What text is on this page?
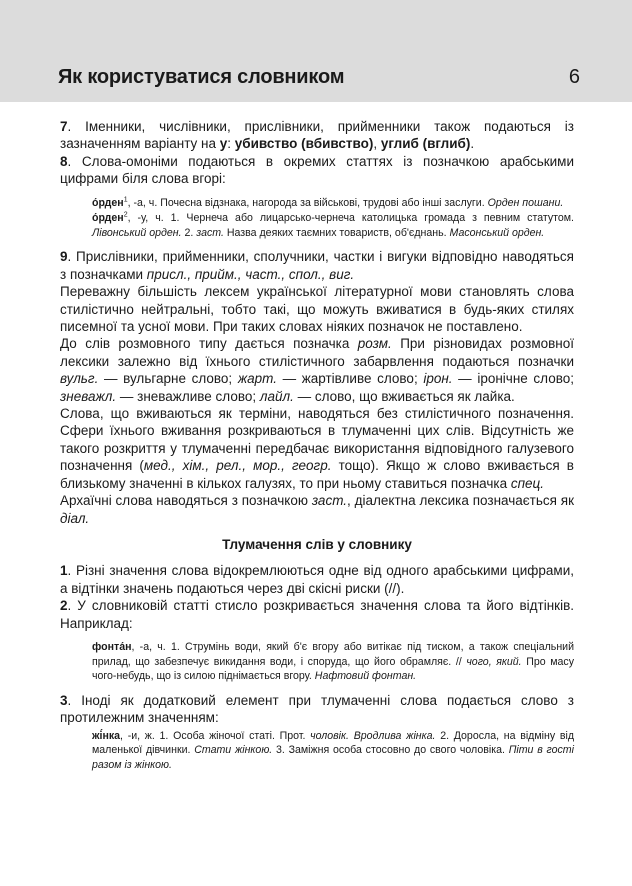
Як користуватися словником	6

7. Іменники, числівники, прислівники, прийменники також подаються із зазначенням варіанту на у: убивство (вбивство), углиб (вглиб).

8. Слова-омоніми подаються в окремих статтях із позначкою арабськими цифрами біля слова вгорі:

о́рден$^1$, -а, ч. Почесна відзнака, нагорода за військові, трудові або інші заслуги. Орден пошани.

о́рден$^2$, -у, ч. 1. Чернеча або лицарсько-чернеча католицька громада з певним статутом. Лівонський орден. 2. заст. Назва деяких таємних товариств, об'єднань. Масонський орден.

9. Прислівники, прийменники, сполучники, частки і вигуки відповідно наводяться з позначками присл., прийм., част., спол., виг.

Переважну більшість лексем української літературної мови становлять слова стилістично нейтральні, тобто такі, що можуть вживатися в будь-яких стилях писемної та усної мови. При таких словах ніяких позначок не поставлено.

До слів розмовного типу дається позначка розм. При різновидах розмовної лексики залежно від їхнього стилістичного забарвлення подаються позначки вульг. — вульгарне слово; жарт. — жартівливе слово; ірон. — іронічне слово; зневажл. — зневажливе слово; лайл. — слово, що вживається як лайка.

Слова, що вживаються як терміни, наводяться без стилістичного позначення. Сфери їхнього вживання розкриваються в тлумаченні цих слів. Відсутність же такого розкриття у тлумаченні передбачає використання відповідного галузевого позначення (мед., хім., рел., мор., геогр. тощо). Якщо ж слово вживається в близькому значенні в кількох галузях, то при ньому ставиться позначка спец.

Архаїчні слова наводяться з позначкою заст., діалектна лексика позначається як діал.

Тлумачення слів у словнику

1. Різні значення слова відокремлюються одне від одного арабськими цифрами, а відтінки значень подаються через дві скісні риски (//).

2. У словниковій статті стисло розкривається значення слова та його відтінків. Наприклад:

фонта́н, -а, ч. 1. Струмінь води, який б'є вгору або витікає під тиском, а також спеціальний прилад, що забезпечує викидання води, і споруда, що його обрамляє. // чого, який. Про масу чого-небудь, що із силою піднімається вгору. Нафтовий фонтан.

3. Іноді як додатковий елемент при тлумаченні слова подається слово з протилежним значенням:

жі́нка, -и, ж. 1. Особа жіночої статі. Прот. чоловік. Вродлива жінка. 2. Доросла, на відміну від маленької дівчинки. Стати жінкою. 3. Заміжня особа стосовно до свого чоловіка. Піти в гості разом із жінкою.
